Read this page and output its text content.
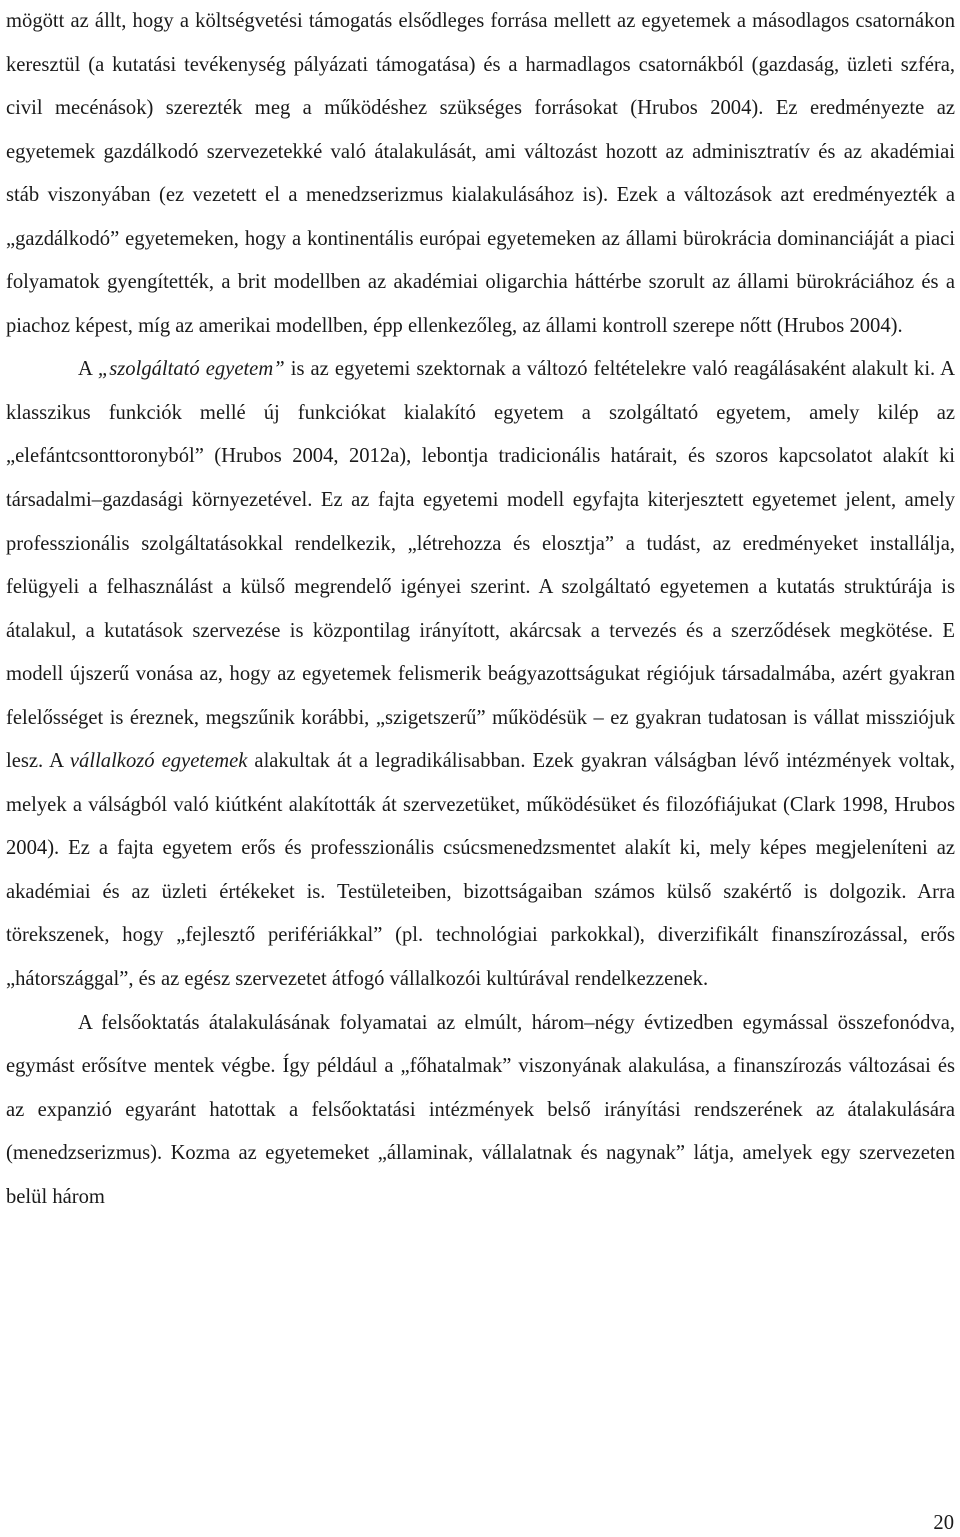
mögött az állt, hogy a költségvetési támogatás elsődleges forrása mellett az egyetemek a másodlagos csatornákon keresztül (a kutatási tevékenység pályázati támogatása) és a harmadlagos csatornákból (gazdaság, üzleti szféra, civil mecénások) szerezték meg a működéshez szükséges forrásokat (Hrubos 2004). Ez eredményezte az egyetemek gazdálkodó szervezetekké való átalakulását, ami változást hozott az adminisztratív és az akadémiai stáb viszonyában (ez vezetett el a menedzserizmus kialakulásához is). Ezek a változások azt eredményezték a „gazdálkodó” egyetemeken, hogy a kontinentális európai egyetemeken az állami bürokrácia dominanciáját a piaci folyamatok gyengítették, a brit modellben az akadémiai oligarchia háttérbe szorult az állami bürokráciához és a piachoz képest, míg az amerikai modellben, épp ellenkezőleg, az állami kontroll szerepe nőtt (Hrubos 2004).

A „szolgáltató egyetem” is az egyetemi szektornak a változó feltételekre való reagálásaként alakult ki. A klasszikus funkciók mellé új funkciókat kialakító egyetem a szolgáltató egyetem, amely kilép az „elefántcsonttoronyból” (Hrubos 2004, 2012a), lebontja tradicionális határait, és szoros kapcsolatot alakít ki társadalmi–gazdasági környezetével. Ez az fajta egyetemi modell egyfajta kiterjesztett egyetemet jelent, amely professzionális szolgáltatásokkal rendelkezik, „létrehozza és elosztja” a tudást, az eredményeket installálja, felügyeli a felhasználást a külső megrendelő igényei szerint. A szolgáltató egyetemen a kutatás struktúrája is átalakul, a kutatások szervezése is központilag irányított, akárcsak a tervezés és a szerződések megkötése. E modell újszerű vonása az, hogy az egyetemek felismerik beágyazottságukat régiójuk társadalmába, azért gyakran felelősséget is éreznek, megszűnik korábbi, „szigetszerű” működésük – ez gyakran tudatosan is vállat missziójuk lesz. A vállalkozó egyetemek alakultak át a legradikálisabban. Ezek gyakran válságban lévő intézmények voltak, melyek a válságból való kiútként alakították át szervezetüket, működésüket és filozófiájukat (Clark 1998, Hrubos 2004). Ez a fajta egyetem erős és professzionális csúcsmenedzsmentet alakít ki, mely képes megjeleníteni az akadémiai és az üzleti értékeket is. Testületeiben, bizottságaiban számos külső szakértő is dolgozik. Arra törekszenek, hogy „fejlesztő perifériákkal” (pl. technológiai parkokkal), diverzifikált finanszírozással, erős „hátországgal”, és az egész szervezetet átfogó vállalkozói kultúrával rendelkezzenek.

A felsőoktatás átalakulásának folyamatai az elmúlt, három–négy évtizedben egymással összefonódva, egymást erősítve mentek végbe. Így például a „főhatalmak” viszonyának alakulása, a finanszírozás változásai és az expanzió egyaránt hatottak a felsőoktatási intézmények belső irányítási rendszerének az átalakulására (menedzserizmus). Kozma az egyetemeket „államinak, vállalatnak és nagynak” látja, amelyek egy szervezeten belül három

20
